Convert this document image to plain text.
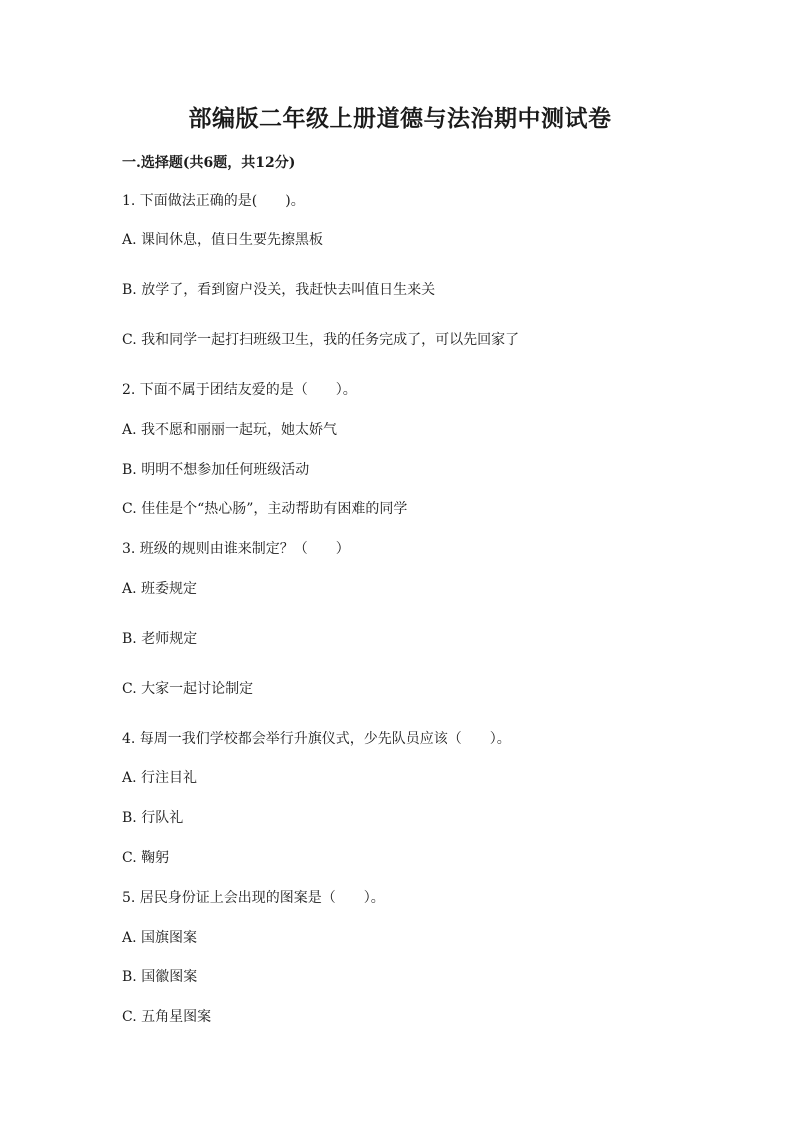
部编版二年级上册道德与法治期中测试卷
一.选择题(共6题，共12分)
1. 下面做法正确的是(　　)。
A. 课间休息，值日生要先擦黑板
B. 放学了，看到窗户没关，我赶快去叫值日生来关
C. 我和同学一起打扫班级卫生，我的任务完成了，可以先回家了
2. 下面不属于团结友爱的是（　　）。
A. 我不愿和丽丽一起玩，她太娇气
B. 明明不想参加任何班级活动
C. 佳佳是个“热心肠”，主动帮助有困难的同学
3. 班级的规则由谁来制定？（　　）
A. 班委规定
B. 老师规定
C. 大家一起讨论制定
4. 每周一我们学校都会举行升旗仪式，少先队员应该（　　）。
A. 行注目礼
B. 行队礼
C. 鞠躬
5. 居民身份证上会出现的图案是（　　）。
A. 国旗图案
B. 国徽图案
C. 五角星图案
